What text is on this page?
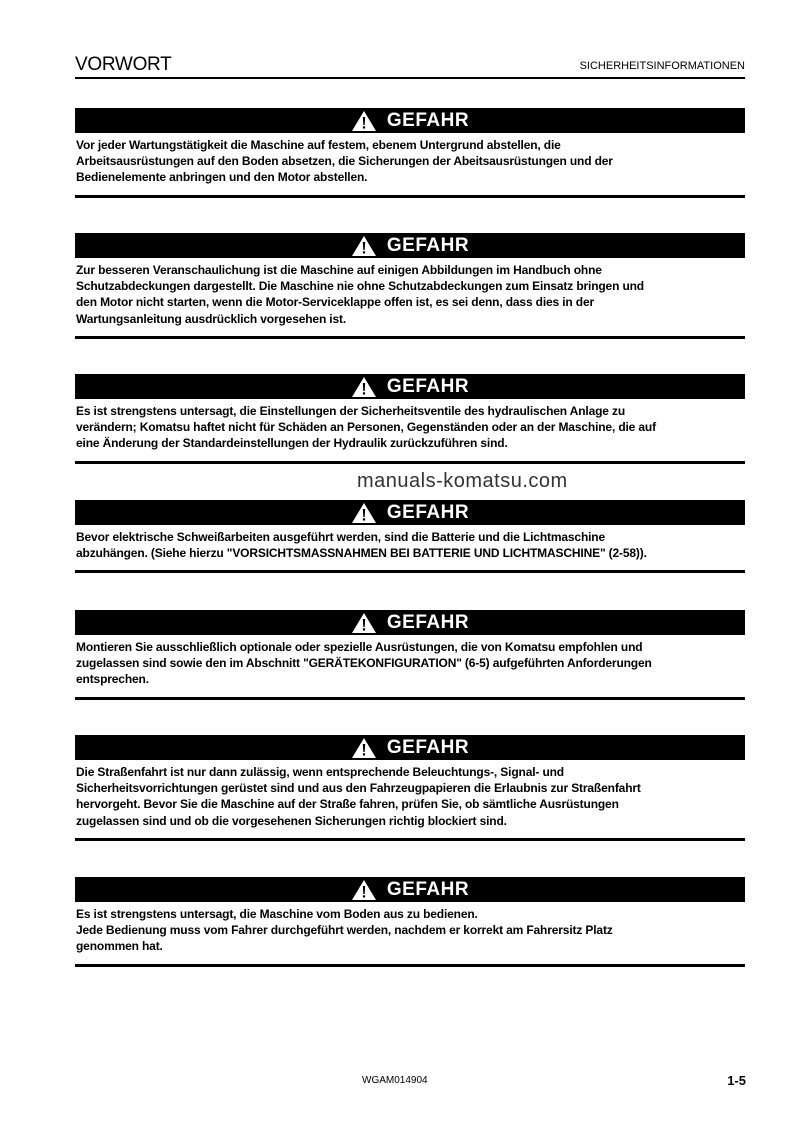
VORWORT	SICHERHEITSINFORMATIONEN
GEFAHR
Vor jeder Wartungstätigkeit die Maschine auf festem, ebenem Untergrund abstellen, die
Arbeitsausrüstungen auf den Boden absetzen, die Sicherungen der Abeitsausrüstungen und der
Bedienelemente anbringen und den Motor abstellen.
GEFAHR
Zur besseren Veranschaulichung ist die Maschine auf einigen Abbildungen im Handbuch ohne
Schutzabdeckungen dargestellt. Die Maschine nie ohne Schutzabdeckungen zum Einsatz bringen und
den Motor nicht starten, wenn die Motor-Serviceklappe offen ist, es sei denn, dass dies in der
Wartungsanleitung ausdrücklich vorgesehen ist.
GEFAHR
Es ist strengstens untersagt, die Einstellungen der Sicherheitsventile des hydraulischen Anlage zu
verändern; Komatsu haftet nicht für Schäden an Personen, Gegenständen oder an der Maschine, die auf
eine Änderung der Standardeinstellungen der Hydraulik zurückzuführen sind.
GEFAHR
Bevor elektrische Schweißarbeiten ausgeführt werden, sind die Batterie und die Lichtmaschine
abzuhängen. (Siehe hierzu "VORSICHTSMASSNAHMEN BEI BATTERIE UND LICHTMASCHINE" (2-58)).
GEFAHR
Montieren Sie ausschließlich optionale oder spezielle Ausrüstungen, die von Komatsu empfohlen und
zugelassen sind sowie den im Abschnitt "GERÄTEKONFIGURATION" (6-5) aufgeführten Anforderungen
entsprechen.
GEFAHR
Die Straßenfahrt ist nur dann zulässig, wenn entsprechende Beleuchtungs-, Signal- und
Sicherheitsvorrichtungen gerüstet sind und aus den Fahrzeugpapieren die Erlaubnis zur Straßenfahrt
hervorgeht. Bevor Sie die Maschine auf der Straße fahren, prüfen Sie, ob sämtliche Ausrüstungen
zugelassen sind und ob die vorgesehenen Sicherungen richtig blockiert sind.
GEFAHR
Es ist strengstens untersagt, die Maschine vom Boden aus zu bedienen.
Jede Bedienung muss vom Fahrer durchgeführt werden, nachdem er korrekt am Fahrersitz Platz
genommen hat.
manuals-komatsu.com
WGAM014904	1-5
